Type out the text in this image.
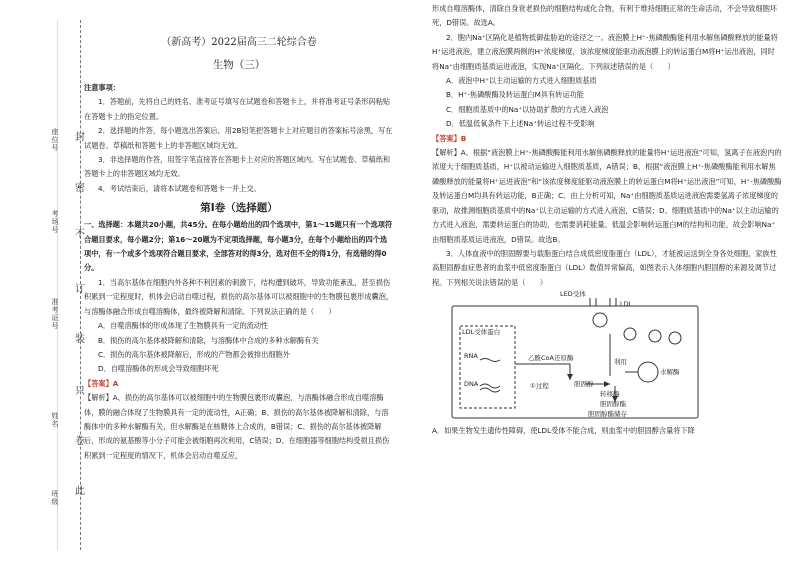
封
密
不
订
装
只
卷
此
座位号
考场号
准考证号
姓名
班级

（新高考）2022届高三二轮综合卷

生物（三）

注意事项：

1．答题前，先将自己的姓名、准考证号填写在试题卷和答题卡上，并将准考证号条形码粘贴在答题卡上的指定位置。

2．选择题的作答，每小题选出答案后，用2B铅笔把答题卡上对应题目的答案标号涂黑，写在试题卷、草稿纸和答题卡上的非答题区域均无效。

3．非选择题的作答，用签字笔直接答在答题卡上对应的答题区域内。写在试题卷、草稿纸和答题卡上的非答题区域均无效。

4．考试结束后，请将本试题卷和答题卡一并上交。

第Ⅰ卷（选择题）

一、选择题：本题共20小题，共45分。在每小题给出的四个选项中，第1～15题只有一个选项符合题目要求，每小题2分；第16～20题为不定项选择题，每小题3分，在每个小题给出的四个选项中，有一个或多个选项符合题目要求，全部答对的得3分，选对但不全的得1分，有选错的得0分。

1．当高尔基体在细胞内外各种不利因素的刺激下，结构遭到破坏，导致功能紊乱，甚至损伤积累到一定程度时，机体会启动自噬过程，损伤的高尔基体可以被细胞中的生物膜包裹形成囊泡，与溶酶体融合形成自噬溶酶体，最终被降解和清除。下列说法正确的是（　　）

A．自噬溶酶体的形成体现了生物膜具有一定的流动性

B．损伤的高尔基体被降解和清除，与溶酶体中合成的多种水解酶有关

C．损伤的高尔基体被降解后，形成的产物都会被排出细胞外

D．自噬溶酶体的形成会导致细胞坏死

【答案】A

【解析】A、损伤的高尔基体可以被细胞中的生物膜包裹形成囊泡，与溶酶体融合形成自噬溶酶体，膜的融合体现了生物膜具有一定的流动性，A正确；B、损伤的高尔基体被降解和清除，与溶酶体中的多种水解酶有关，但水解酶是在核糖体上合成的，B错误；C、损伤的高尔基体被降解后，形成的氨基酸等小分子可能会被细胞再次利用，C错误；D、在细胞器等细胞结构受损且损伤积累到一定程度的情况下，机体会启动自噬反应，

形成自噬溶酶体，清除自身衰老损伤的细胞结构或化合物，有利于维持细胞正常的生命活动，不会导致细胞坏死，D错误。故选A。

2．胞内Na⁺区隔化是植物抵御盐胁迫的途径之一。液泡膜上H⁺-焦磷酸酶能利用水解焦磷酸释放的能量将H⁺运进液泡，建立液泡膜两侧的H⁺浓度梯度，该浓度梯度能驱动液泡膜上的转运蛋白M将H⁺运出液泡，同时将Na⁺由细胞质基质运进液泡，实现Na⁺区隔化。下列叙述错误的是（　　）

A．液泡中H⁺以主动运输的方式进入细胞质基质

B．H⁺-焦磷酸酶及转运蛋白M具有转运功能

C．细胞质基质中的Na⁺以协助扩散的方式进入液泡

D．低温低氧条件下上述Na⁺转运过程不受影响

【答案】B

【解析】A、根据“液泡膜上H⁺-焦磷酸酶能利用水解焦磷酸释放的能量将H⁺运进液泡”可知，氢离子在液泡内的浓度大于细胞质基质，H⁺以被动运输进入细胞质基质，A错误；B、根据“液泡膜上H⁺-焦磷酸酶能利用水解焦磷酸释放的能量将H⁺运进液泡”和“该浓度梯度能驱动液泡膜上的转运蛋白M将H⁺运出液泡”可知，H⁺-焦磷酸酶及转运蛋白M均具有转运功能，B正确；C、由上分析可知，Na⁺由细胞质基质运进液泡需要氢离子浓度梯度的驱动，故推测细胞质基质中的Na⁺以主动运输的方式进入液泡，C错误；D、细胞质基质中的Na⁺以主动运输的方式进入液泡，需要转运蛋白的协助，也需要消耗能量。低温会影响转运蛋白M的结构和功能，故会影响Na⁺由细胞质基质运进液泡，D错误。故选B。

3．人体血液中的胆固醇要与载脂蛋白结合成低密度脂蛋白（LDL），才能被运送到全身各处细胞，家族性高胆固醇血症患者的血浆中低密度脂蛋白（LDL）数值异常偏高，如图表示人体细胞内胆固醇的来源及调节过程。下列相关说法错误的是（　　）

LED受体
LDL
LDL受体蛋白
RNA
DNA
乙酰CoA 还原酶
①过程	胆固醇
利用
水解酶
转移酶
胆固醇酯
胆固醇酯储存

A．如果生物发生遗传性障碍，使LDL受体不能合成，则血浆中的胆固醇含量将下降
